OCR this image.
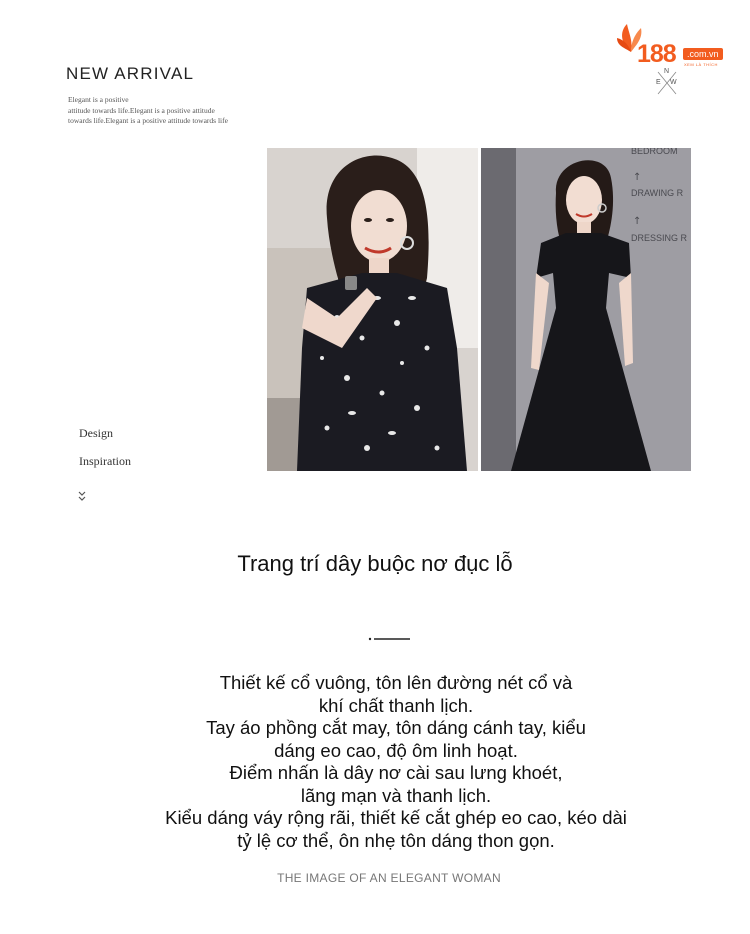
NEW ARRIVAL
Elegant is a positive
attitude towards life.Elegant is a positive attitude
towards life.Elegant is a positive attitude towards life
188	.com.vn
XEM LÀ THÍCH
N
E W
BEDROOM
DRAWING R
DRESSING R
↑
↑
Design
Inspiration
Trang trí dây buộc nơ đục lỗ
Thiết kế cổ vuông, tôn lên đường nét cổ và
khí chất thanh lịch.
Tay áo phồng cắt may, tôn dáng cánh tay, kiểu
dáng eo cao, độ ôm linh hoạt.
Điểm nhấn là dây nơ cài sau lưng khoét,
lãng mạn và thanh lịch.
Kiểu dáng váy rộng rãi, thiết kế cắt ghép eo cao, kéo dài
tỷ lệ cơ thể, ôn nhẹ tôn dáng thon gọn.
THE IMAGE OF AN ELEGANT WOMAN
